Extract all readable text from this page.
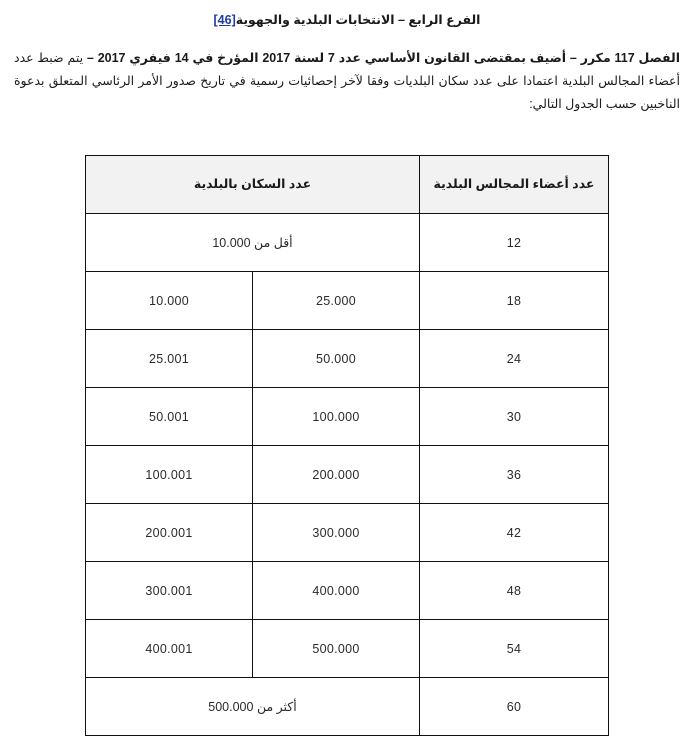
الفرع الرابع – الانتخابات البلدية والجهوية[46]

الفصل 117 مكرر – أضيف بمقتضى القانون الأساسي عدد 7 لسنة 2017 المؤرخ في 14 فيفري 2017 – يتم ضبط عدد أعضاء المجالس البلدية اعتمادا على عدد سكان البلديات وفقا لآخر إحصائيات رسمية في تاريخ صدور الأمر الرئاسي المتعلق بدعوة الناخبين حسب الجدول التالي:

عدد أعضاء المجالس البلدية	عدد السكان بالبلدية	
12	أقل من 10.000	
18	25.000	10.000
24	50.000	25.001
30	100.000	50.001
36	200.000	100.001
42	300.000	200.001
48	400.000	300.001
54	500.000	400.001
60	أكثر من 500.000	
